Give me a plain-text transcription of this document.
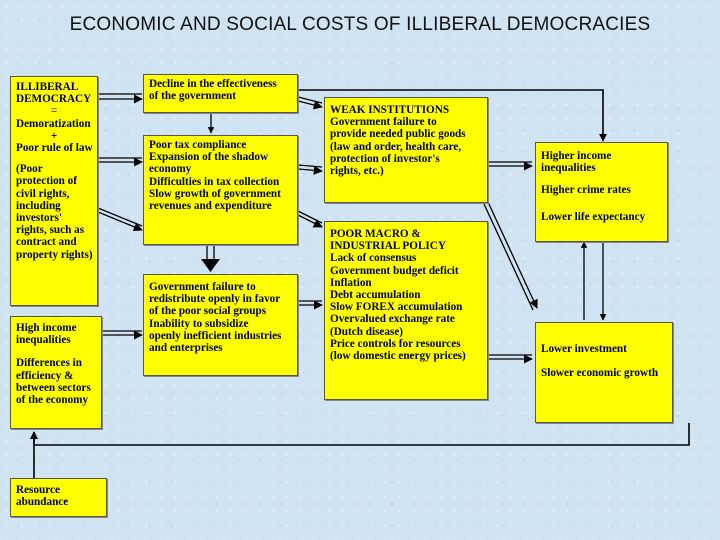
ECONOMIC AND SOCIAL COSTS OF ILLIBERAL DEMOCRACIES
ILLIBERAL
DEMOCRACY
=
Demoratization
+
Poor rule of law
(Poor
protection of
civil rights,
including
investors'
rights, such as
contract and
property rights)
Decline in the effectiveness
of the government
Poor tax compliance
Expansion of the shadow
economy
Difficulties in tax collection
Slow growth of government
revenues and expenditure
Government failure to
redistribute openly in favor
of the poor social groups
Inability to subsidize
openly inefficient industries
and enterprises
WEAK INSTITUTIONS
Government failure to
provide needed public goods
(law and order, health care,
protection of investor's
rights, etc.)
POOR MACRO &
INDUSTRIAL POLICY
Lack of consensus
Government budget deficit
Inflation
Debt accumulation
Slow FOREX accumulation
Overvalued exchange rate
(Dutch disease)
Price controls for resources
(low domestic energy prices)
Higher income
inequalities
Higher crime rates
Lower life expectancy
Lower investment
Slower economic growth
High income
inequalities
Differences in
efficiency &
between sectors
of the economy
Resource
abundance
